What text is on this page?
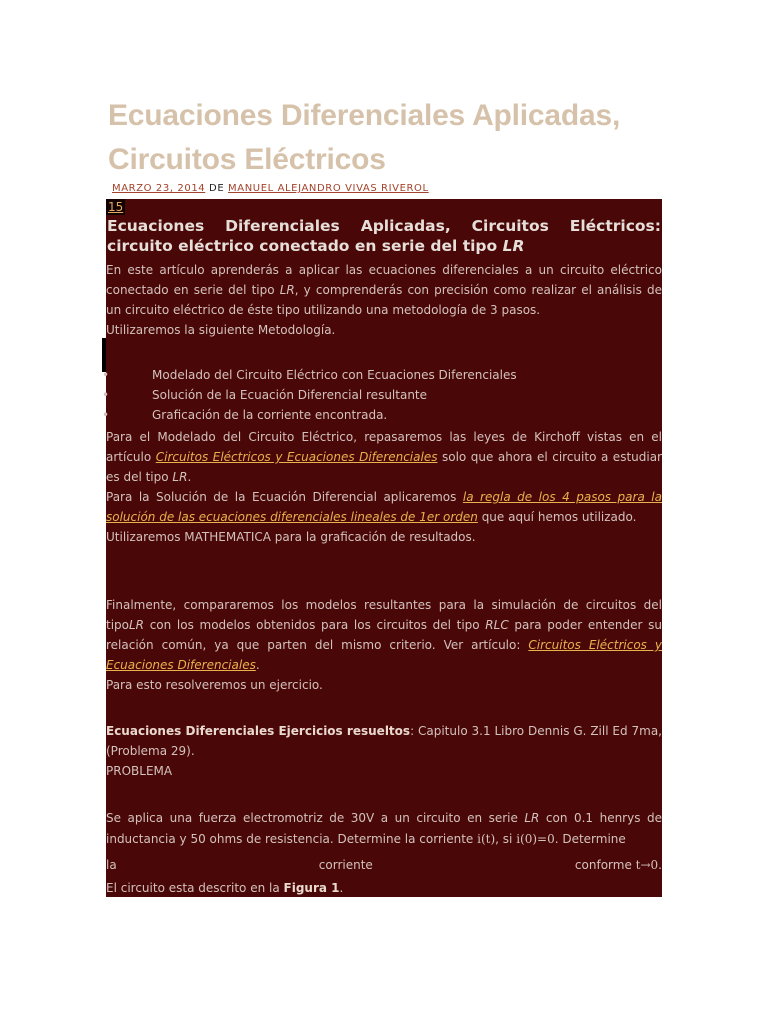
Ecuaciones Diferenciales Aplicadas, Circuitos Eléctricos
MARZO 23, 2014 DE MANUEL ALEJANDRO VIVAS RIVEROL
15
Ecuaciones Diferenciales Aplicadas, Circuitos Eléctricos: circuito eléctrico conectado en serie del tipo LR

En este artículo aprenderás a aplicar las ecuaciones diferenciales a un circuito eléctrico conectado en serie del tipo LR, y comprenderás con precisión como realizar el análisis de un circuito eléctrico de éste tipo utilizando una metodología de 3 pasos.
Utilizaremos la siguiente Metodología.

•	Modelado del Circuito Eléctrico con Ecuaciones Diferenciales
•	Solución de la Ecuación Diferencial resultante
•	Graficación de la corriente encontrada.

Para el Modelado del Circuito Eléctrico, repasaremos las leyes de Kirchoff vistas en el artículo Circuitos Eléctricos y Ecuaciones Diferenciales solo que ahora el circuito a estudiar es del tipo LR.
Para la Solución de la Ecuación Diferencial aplicaremos la regla de los 4 pasos para la solución de las ecuaciones diferenciales lineales de 1er orden que aquí hemos utilizado.
Utilizaremos MATHEMATICA para la graficación de resultados.

Finalmente, compararemos los modelos resultantes para la simulación de circuitos del tipoLR con los modelos obtenidos para los circuitos del tipo RLC para poder entender su relación común, ya que parten del mismo criterio. Ver artículo: Circuitos Eléctricos y Ecuaciones Diferenciales.
Para esto resolveremos un ejercicio.

Ecuaciones Diferenciales Ejercicios resueltos: Capitulo 3.1 Libro Dennis G. Zill Ed 7ma,(Problema 29).
PROBLEMA

Se aplica una fuerza electromotriz de 30V a un circuito en serie LR con 0.1 henrys de inductancia y 50 ohms de resistencia. Determine la corriente i(t), si i(0)=0. Determine
la	corriente	conforme t→0.

El circuito esta descrito en la Figura 1.
